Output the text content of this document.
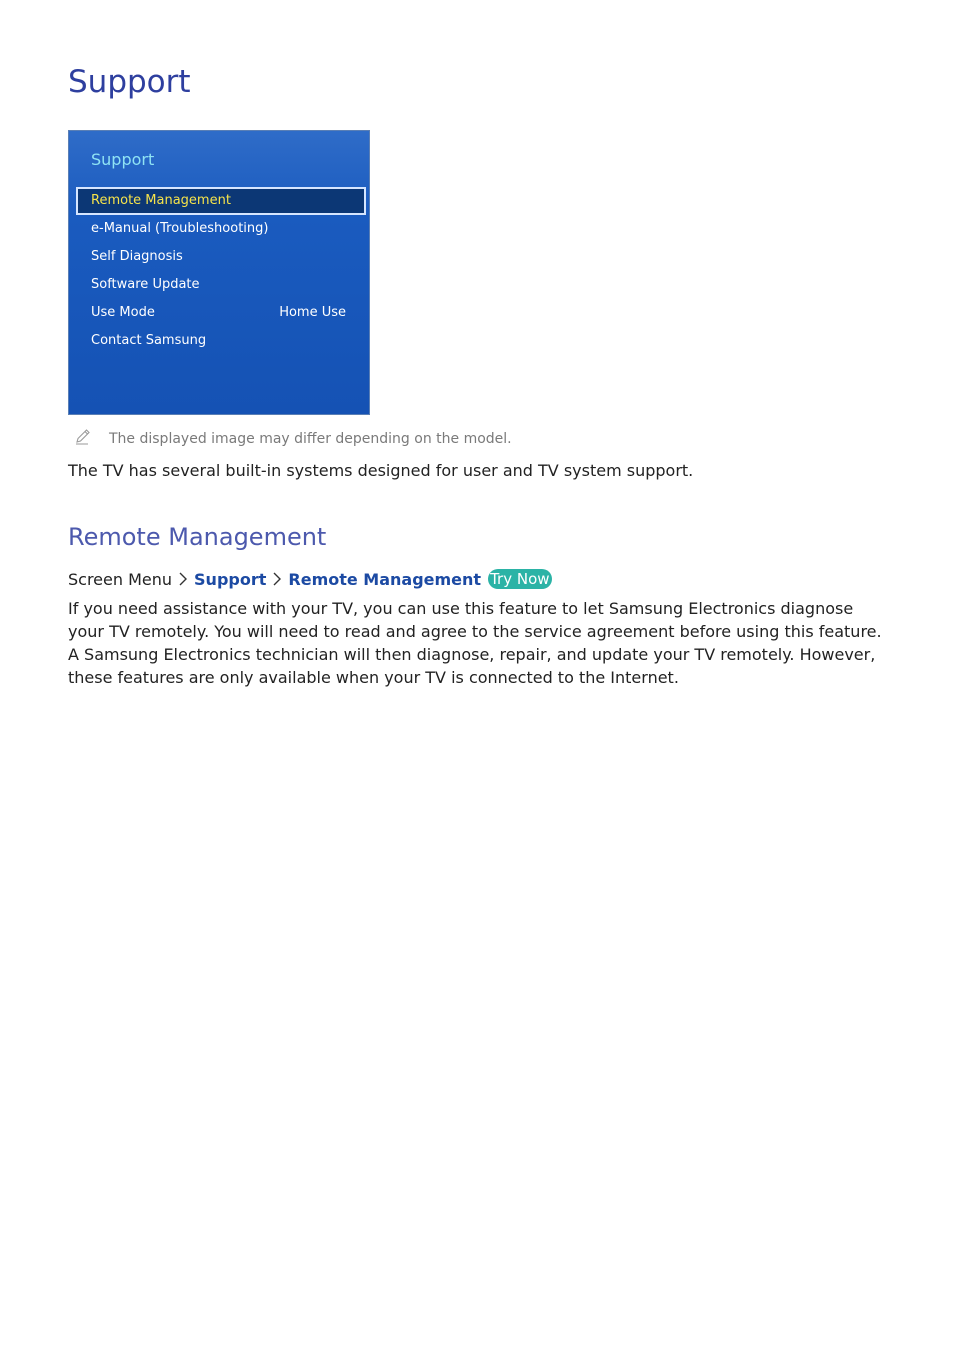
Support
Support
Remote Management
e-Manual (Troubleshooting)
Self Diagnosis
Software Update
Use Mode	Home Use
Contact Samsung
The displayed image may differ depending on the model.

The TV has several built-in systems designed for user and TV system support.

Remote Management
Screen Menu Support Remote Management Try Now

If you need assistance with your TV, you can use this feature to let Samsung Electronics diagnose your TV remotely. You will need to read and agree to the service agreement before using this feature. A Samsung Electronics technician will then diagnose, repair, and update your TV remotely. However, these features are only available when your TV is connected to the Internet.
